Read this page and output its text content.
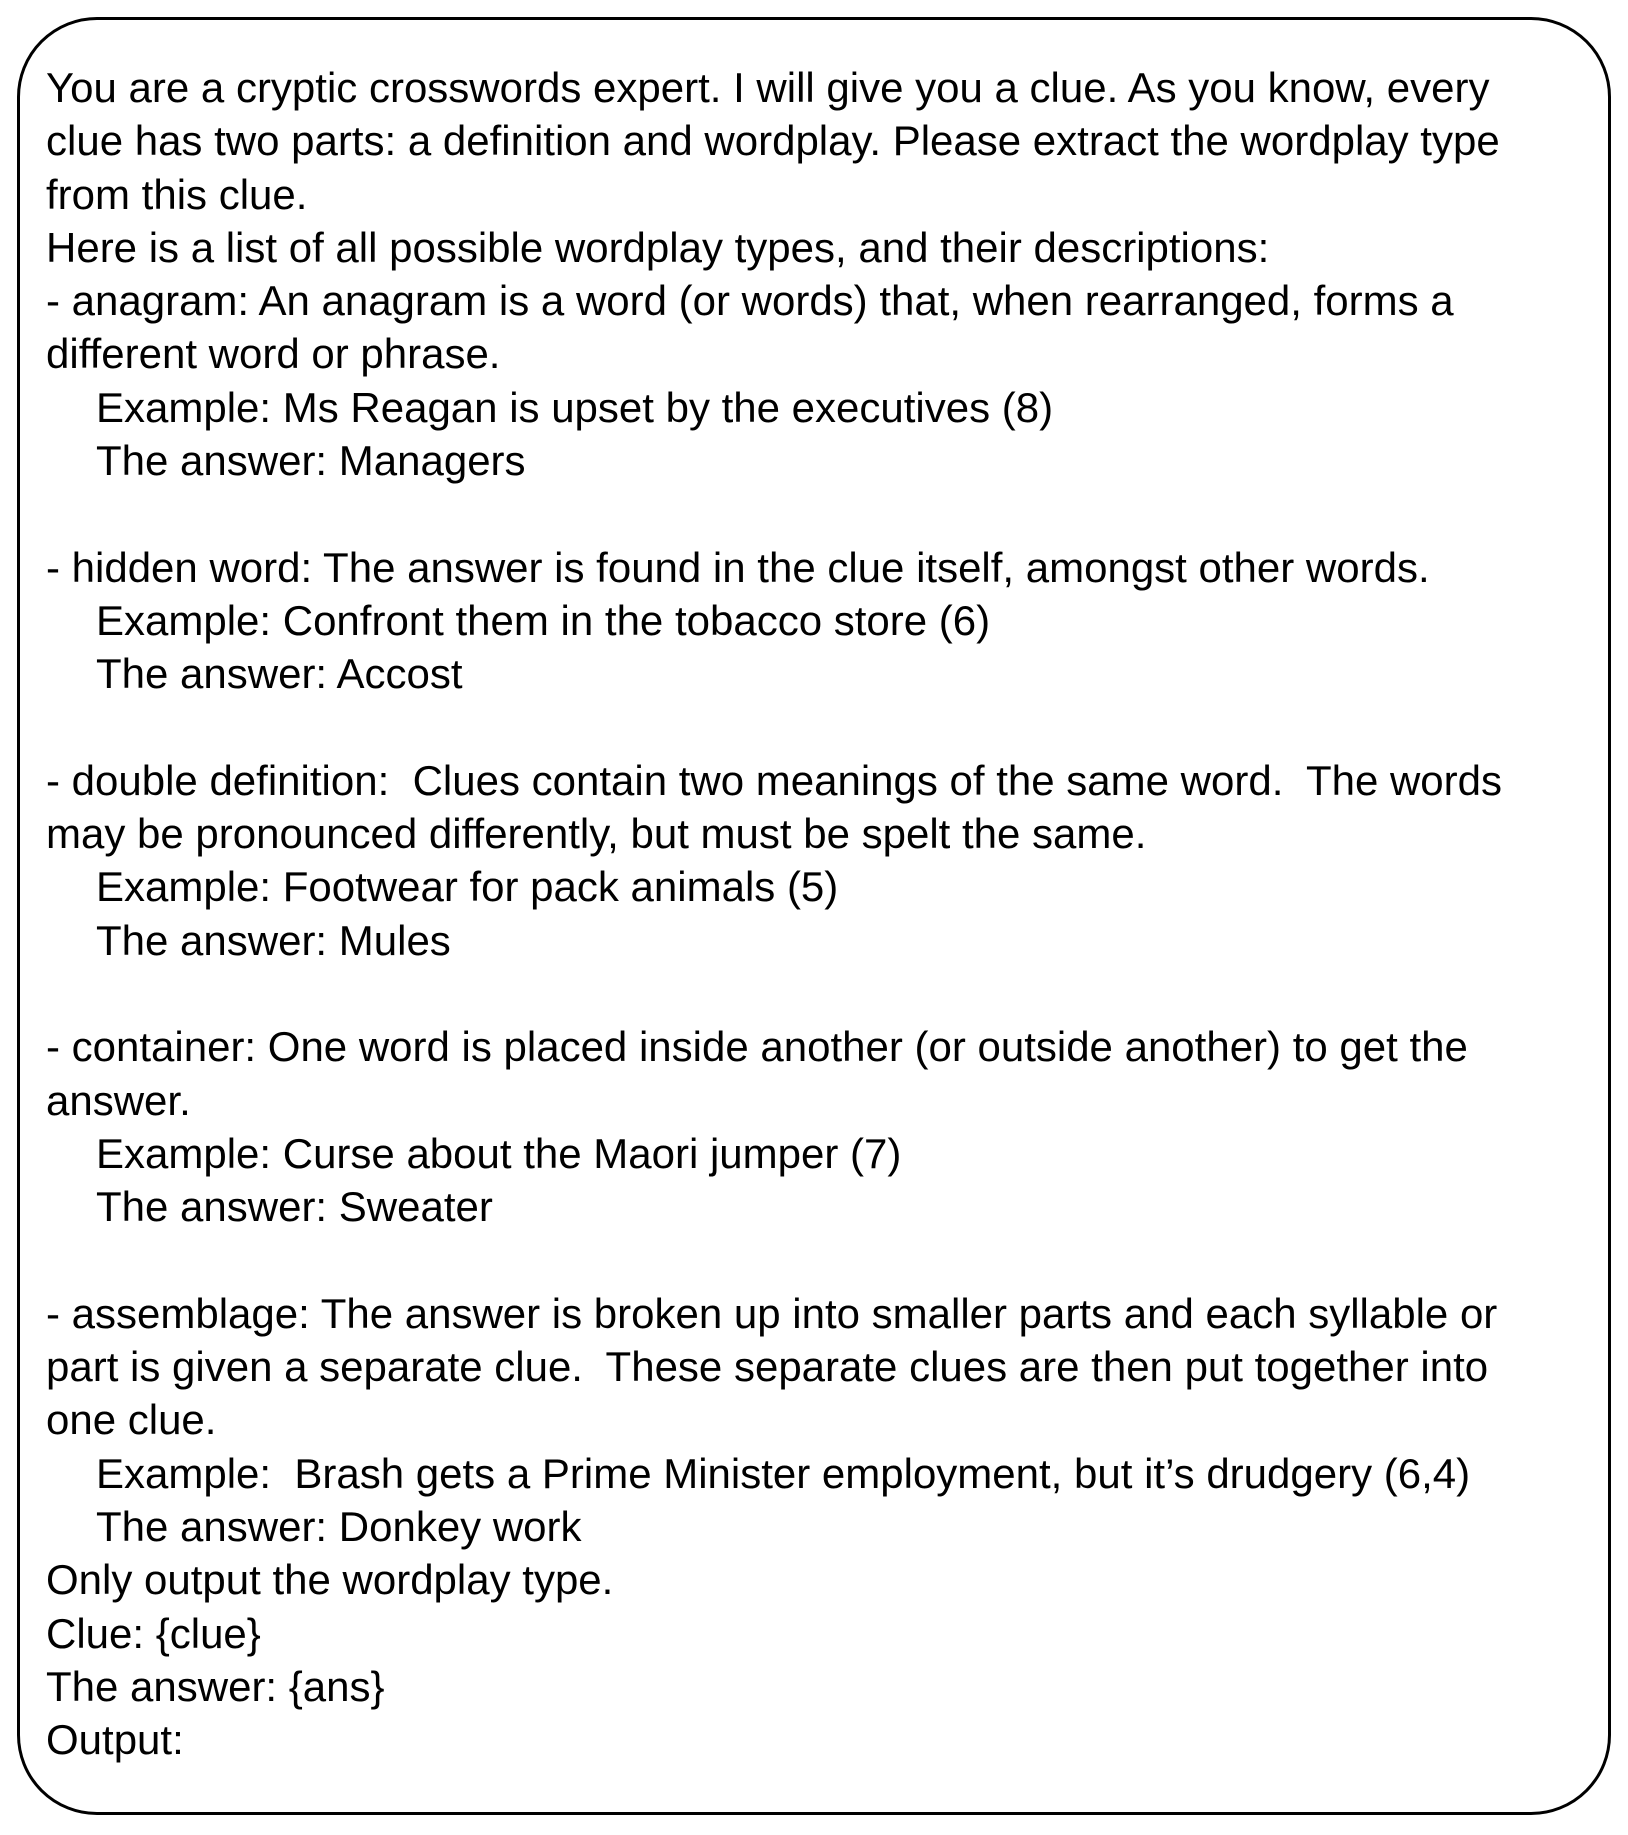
You are a cryptic crosswords expert. I will give you a clue. As you know, every
clue has two parts: a definition and wordplay. Please extract the wordplay type
from this clue.
Here is a list of all possible wordplay types, and their descriptions:
- anagram: An anagram is a word (or words) that, when rearranged, forms a
different word or phrase.
Example: Ms Reagan is upset by the executives (8)
The answer: Managers
- hidden word: The answer is found in the clue itself, amongst other words.
Example: Confront them in the tobacco store (6)
The answer: Accost
- double definition:  Clues contain two meanings of the same word.  The words
may be pronounced differently, but must be spelt the same.
Example: Footwear for pack animals (5)
The answer: Mules
- container: One word is placed inside another (or outside another) to get the
answer.
Example: Curse about the Maori jumper (7)
The answer: Sweater
- assemblage: The answer is broken up into smaller parts and each syllable or
part is given a separate clue.  These separate clues are then put together into
one clue.
Example:  Brash gets a Prime Minister employment, but it’s drudgery (6,4)
The answer: Donkey work
Only output the wordplay type.
Clue: {clue}
The answer: {ans}
Output:
